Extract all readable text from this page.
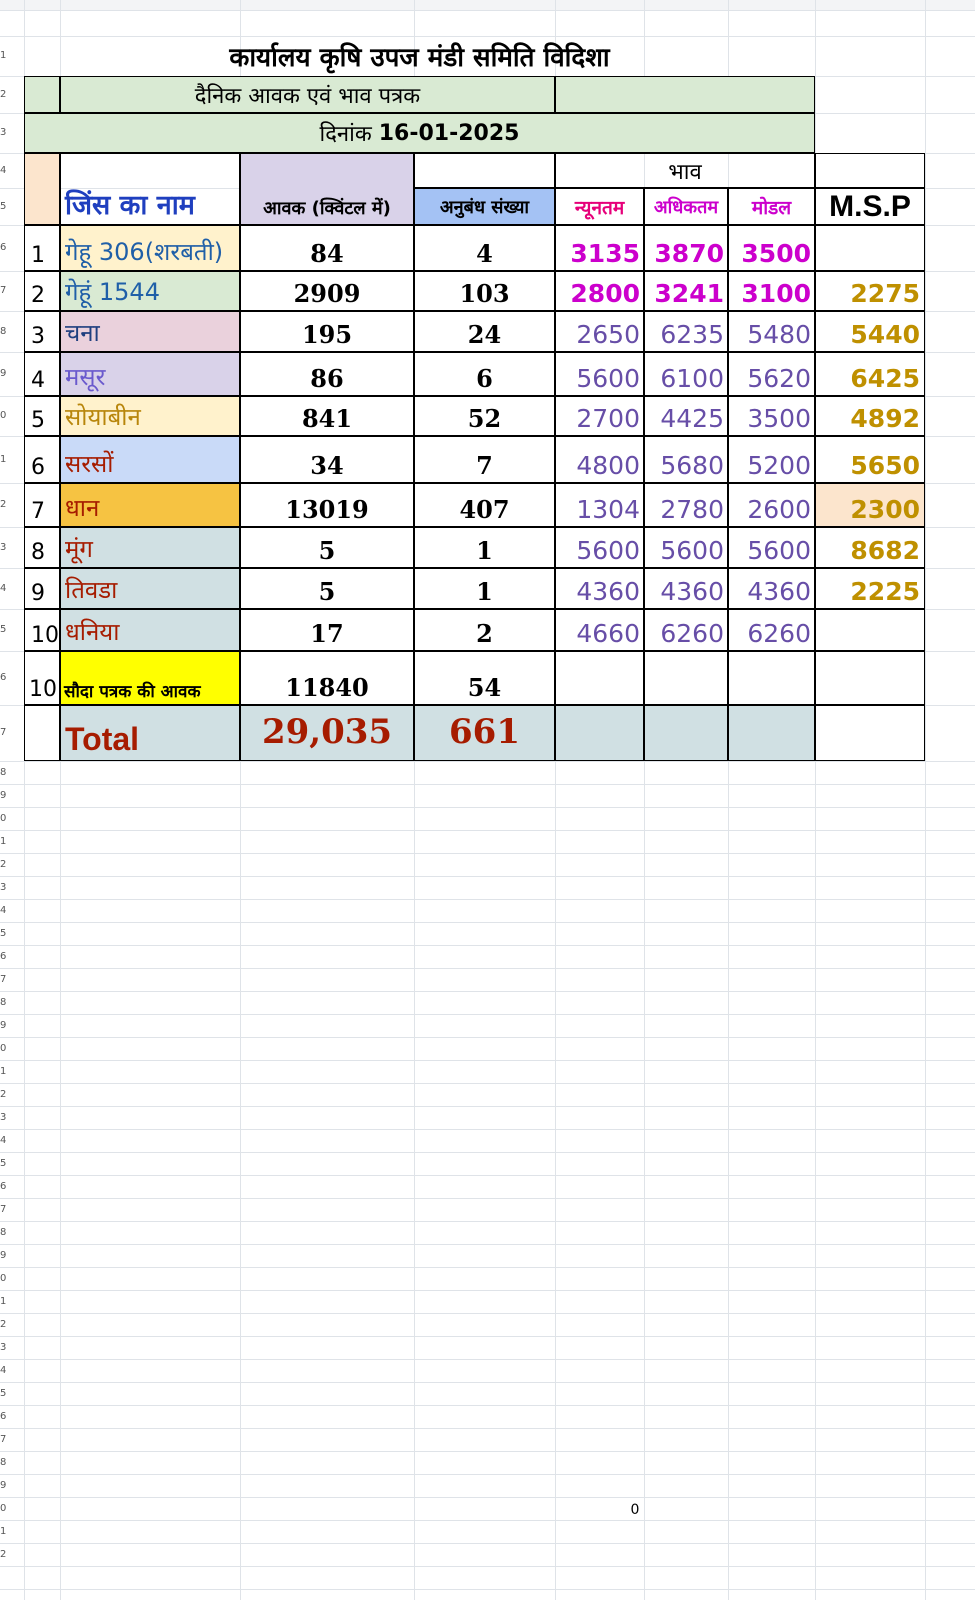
1
2
3
4
5
6
7
8
9
0
1
2
3
4
5
6
7
8
9
0
1
2
3
4
5
6
7
8
9
0
1
2
3
4
5
6
7
8
9
0
1
2
3
4
5
6
7
8
9
0
1
2
कार्यालय कृषि उपज मंडी समिति विदिशा
दैनिक आवक एवं भाव पत्रक
दिनांक
16-01-2025
जिंस का नाम	आवक (क्विंटल में)	अनुबंध संख्या
भाव
न्यूनतम	अधिकतम	मोडल	M.S.P
1 गेहू 306(शरबती)	84	4	3135 3870 3500
2 गेहूं 1544	2909	103	2800 3241 3100	2275
3 चना	195	24	2650 6235 5480	5440
4 मसूर	86	6	5600 6100 5620	6425
5 सोयाबीन	841	52	2700 4425 3500	4892
6 सरसों	34	7	4800 5680 5200	5650
7 धान	13019	407	1304 2780 2600	2300
8 मूंग	5	1	5600 5600 5600	8682
9 तिवडा	5	1	4360 4360 4360	2225
10 धनिया	17	2	4660 6260 6260
10 सौदा पत्रक की आवक	11840	54
Total	29,035	661
0
